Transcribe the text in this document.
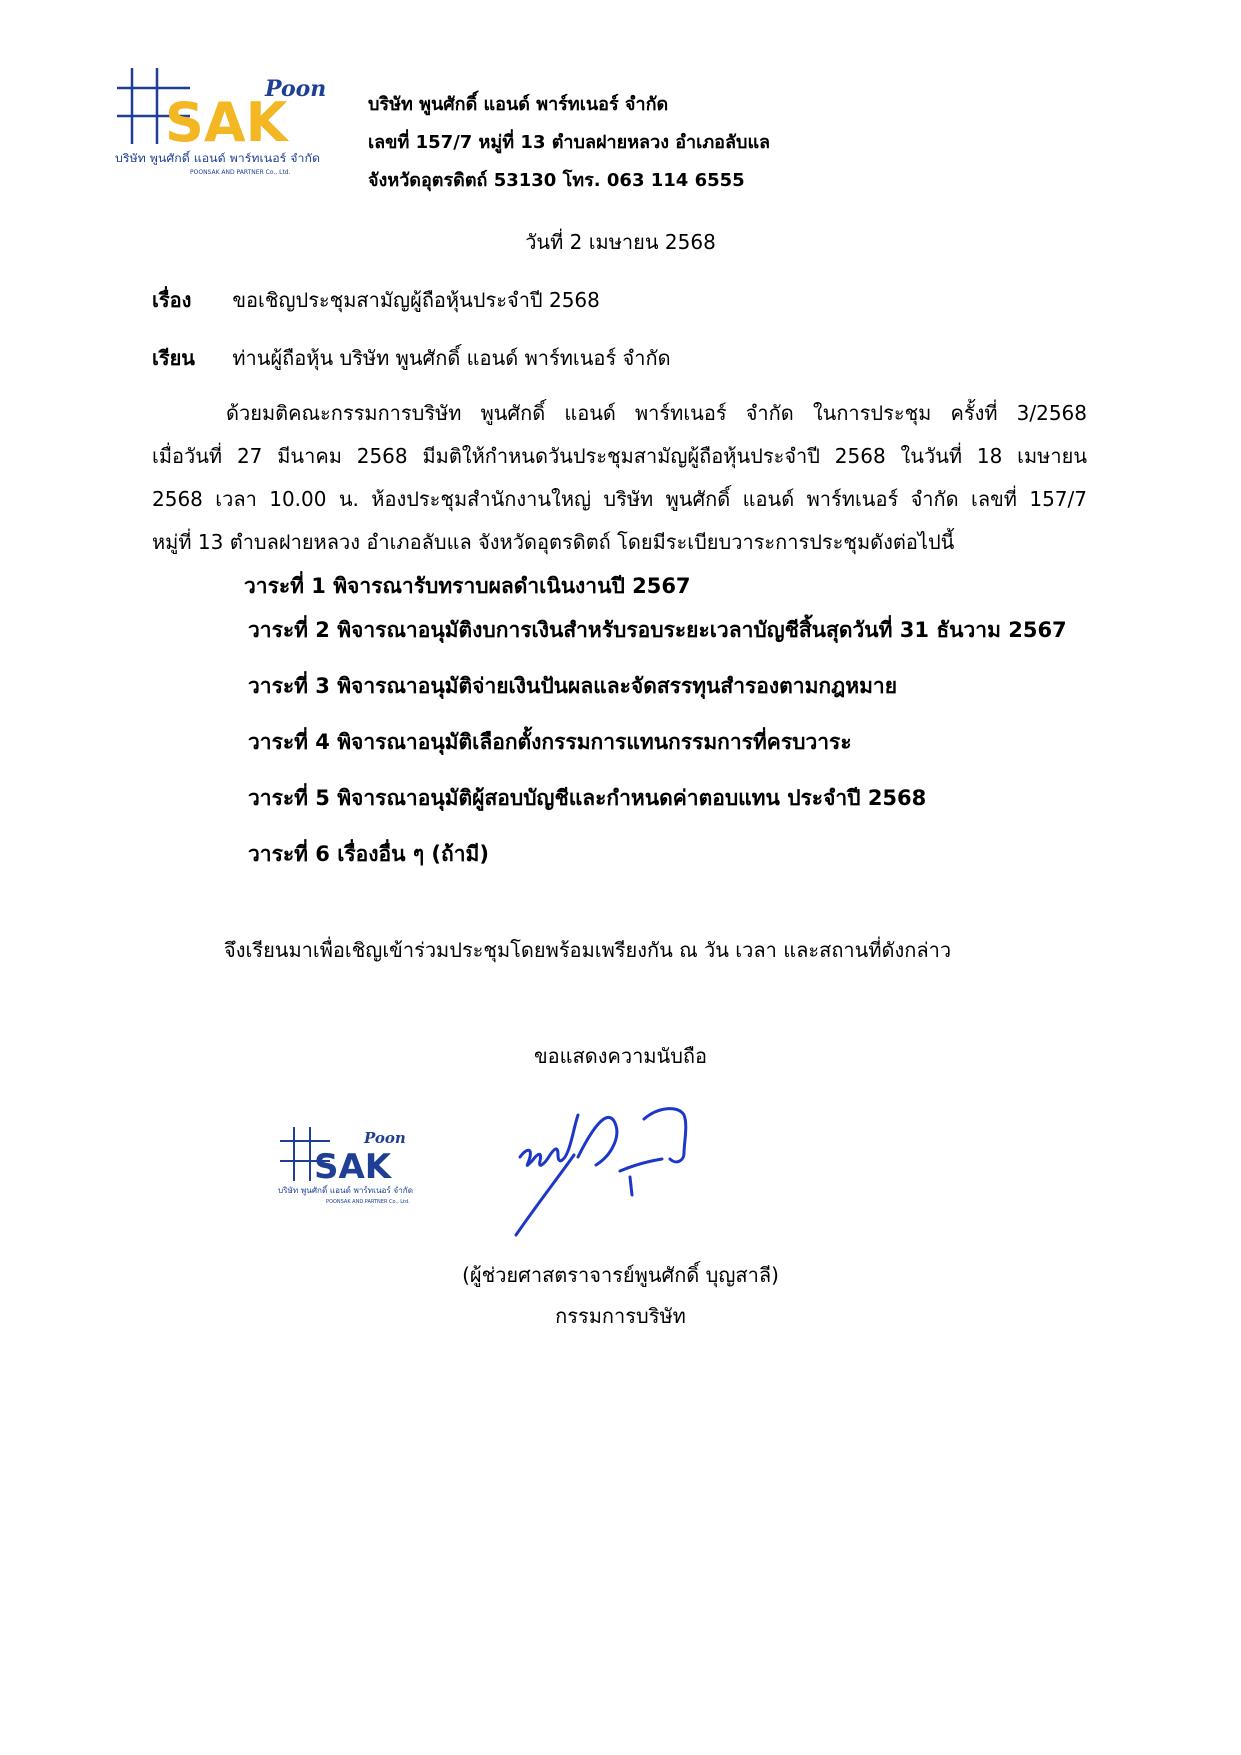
Poon
SAK
บริษัท พูนศักดิ์ แอนด์ พาร์ทเนอร์ จำกัด
POONSAK AND PARTNER Co., Ltd.
บริษัท พูนศักดิ์ แอนด์ พาร์ทเนอร์ จำกัด
เลขที่ 157/7 หมู่ที่ 13 ตำบลฝายหลวง อำเภอลับแล
จังหวัดอุตรดิตถ์ 53130 โทร. 063 114 6555
วันที่ 2 เมษายน 2568
เรื่อง ขอเชิญประชุมสามัญผู้ถือหุ้นประจำปี 2568
เรียน ท่านผู้ถือหุ้น บริษัท พูนศักดิ์ แอนด์ พาร์ทเนอร์ จำกัด
ด้วยมติคณะกรรมการบริษัท พูนศักดิ์ แอนด์ พาร์ทเนอร์ จำกัด ในการประชุม ครั้งที่ 3/2568
เมื่อวันที่ 27 มีนาคม 2568 มีมติให้กำหนดวันประชุมสามัญผู้ถือหุ้นประจำปี 2568 ในวันที่ 18 เมษายน
2568 เวลา 10.00 น. ห้องประชุมสำนักงานใหญ่ บริษัท พูนศักดิ์ แอนด์ พาร์ทเนอร์ จำกัด เลขที่ 157/7
หมู่ที่ 13 ตำบลฝายหลวง อำเภอลับแล จังหวัดอุตรดิตถ์ โดยมีระเบียบวาระการประชุมดังต่อไปนี้
วาระที่ 1 พิจารณารับทราบผลดำเนินงานปี 2567
วาระที่ 2 พิจารณาอนุมัติงบการเงินสำหรับรอบระยะเวลาบัญชีสิ้นสุดวันที่ 31 ธันวาม 2567
วาระที่ 3 พิจารณาอนุมัติจ่ายเงินปันผลและจัดสรรทุนสำรองตามกฎหมาย
วาระที่ 4 พิจารณาอนุมัติเลือกตั้งกรรมการแทนกรรมการที่ครบวาระ
วาระที่ 5 พิจารณาอนุมัติผู้สอบบัญชีและกำหนดค่าตอบแทน ประจำปี 2568
วาระที่ 6 เรื่องอื่น ๆ (ถ้ามี)
จึงเรียนมาเพื่อเชิญเข้าร่วมประชุมโดยพร้อมเพรียงกัน ณ วัน เวลา และสถานที่ดังกล่าว
ขอแสดงความนับถือ
Poon
SAK
บริษัท พูนศักดิ์ แอนด์ พาร์ทเนอร์ จำกัด
POONSAK AND PARTNER Co., Ltd.
(ผู้ช่วยศาสตราจารย์พูนศักดิ์ บุญสาลี)
กรรมการบริษัท
